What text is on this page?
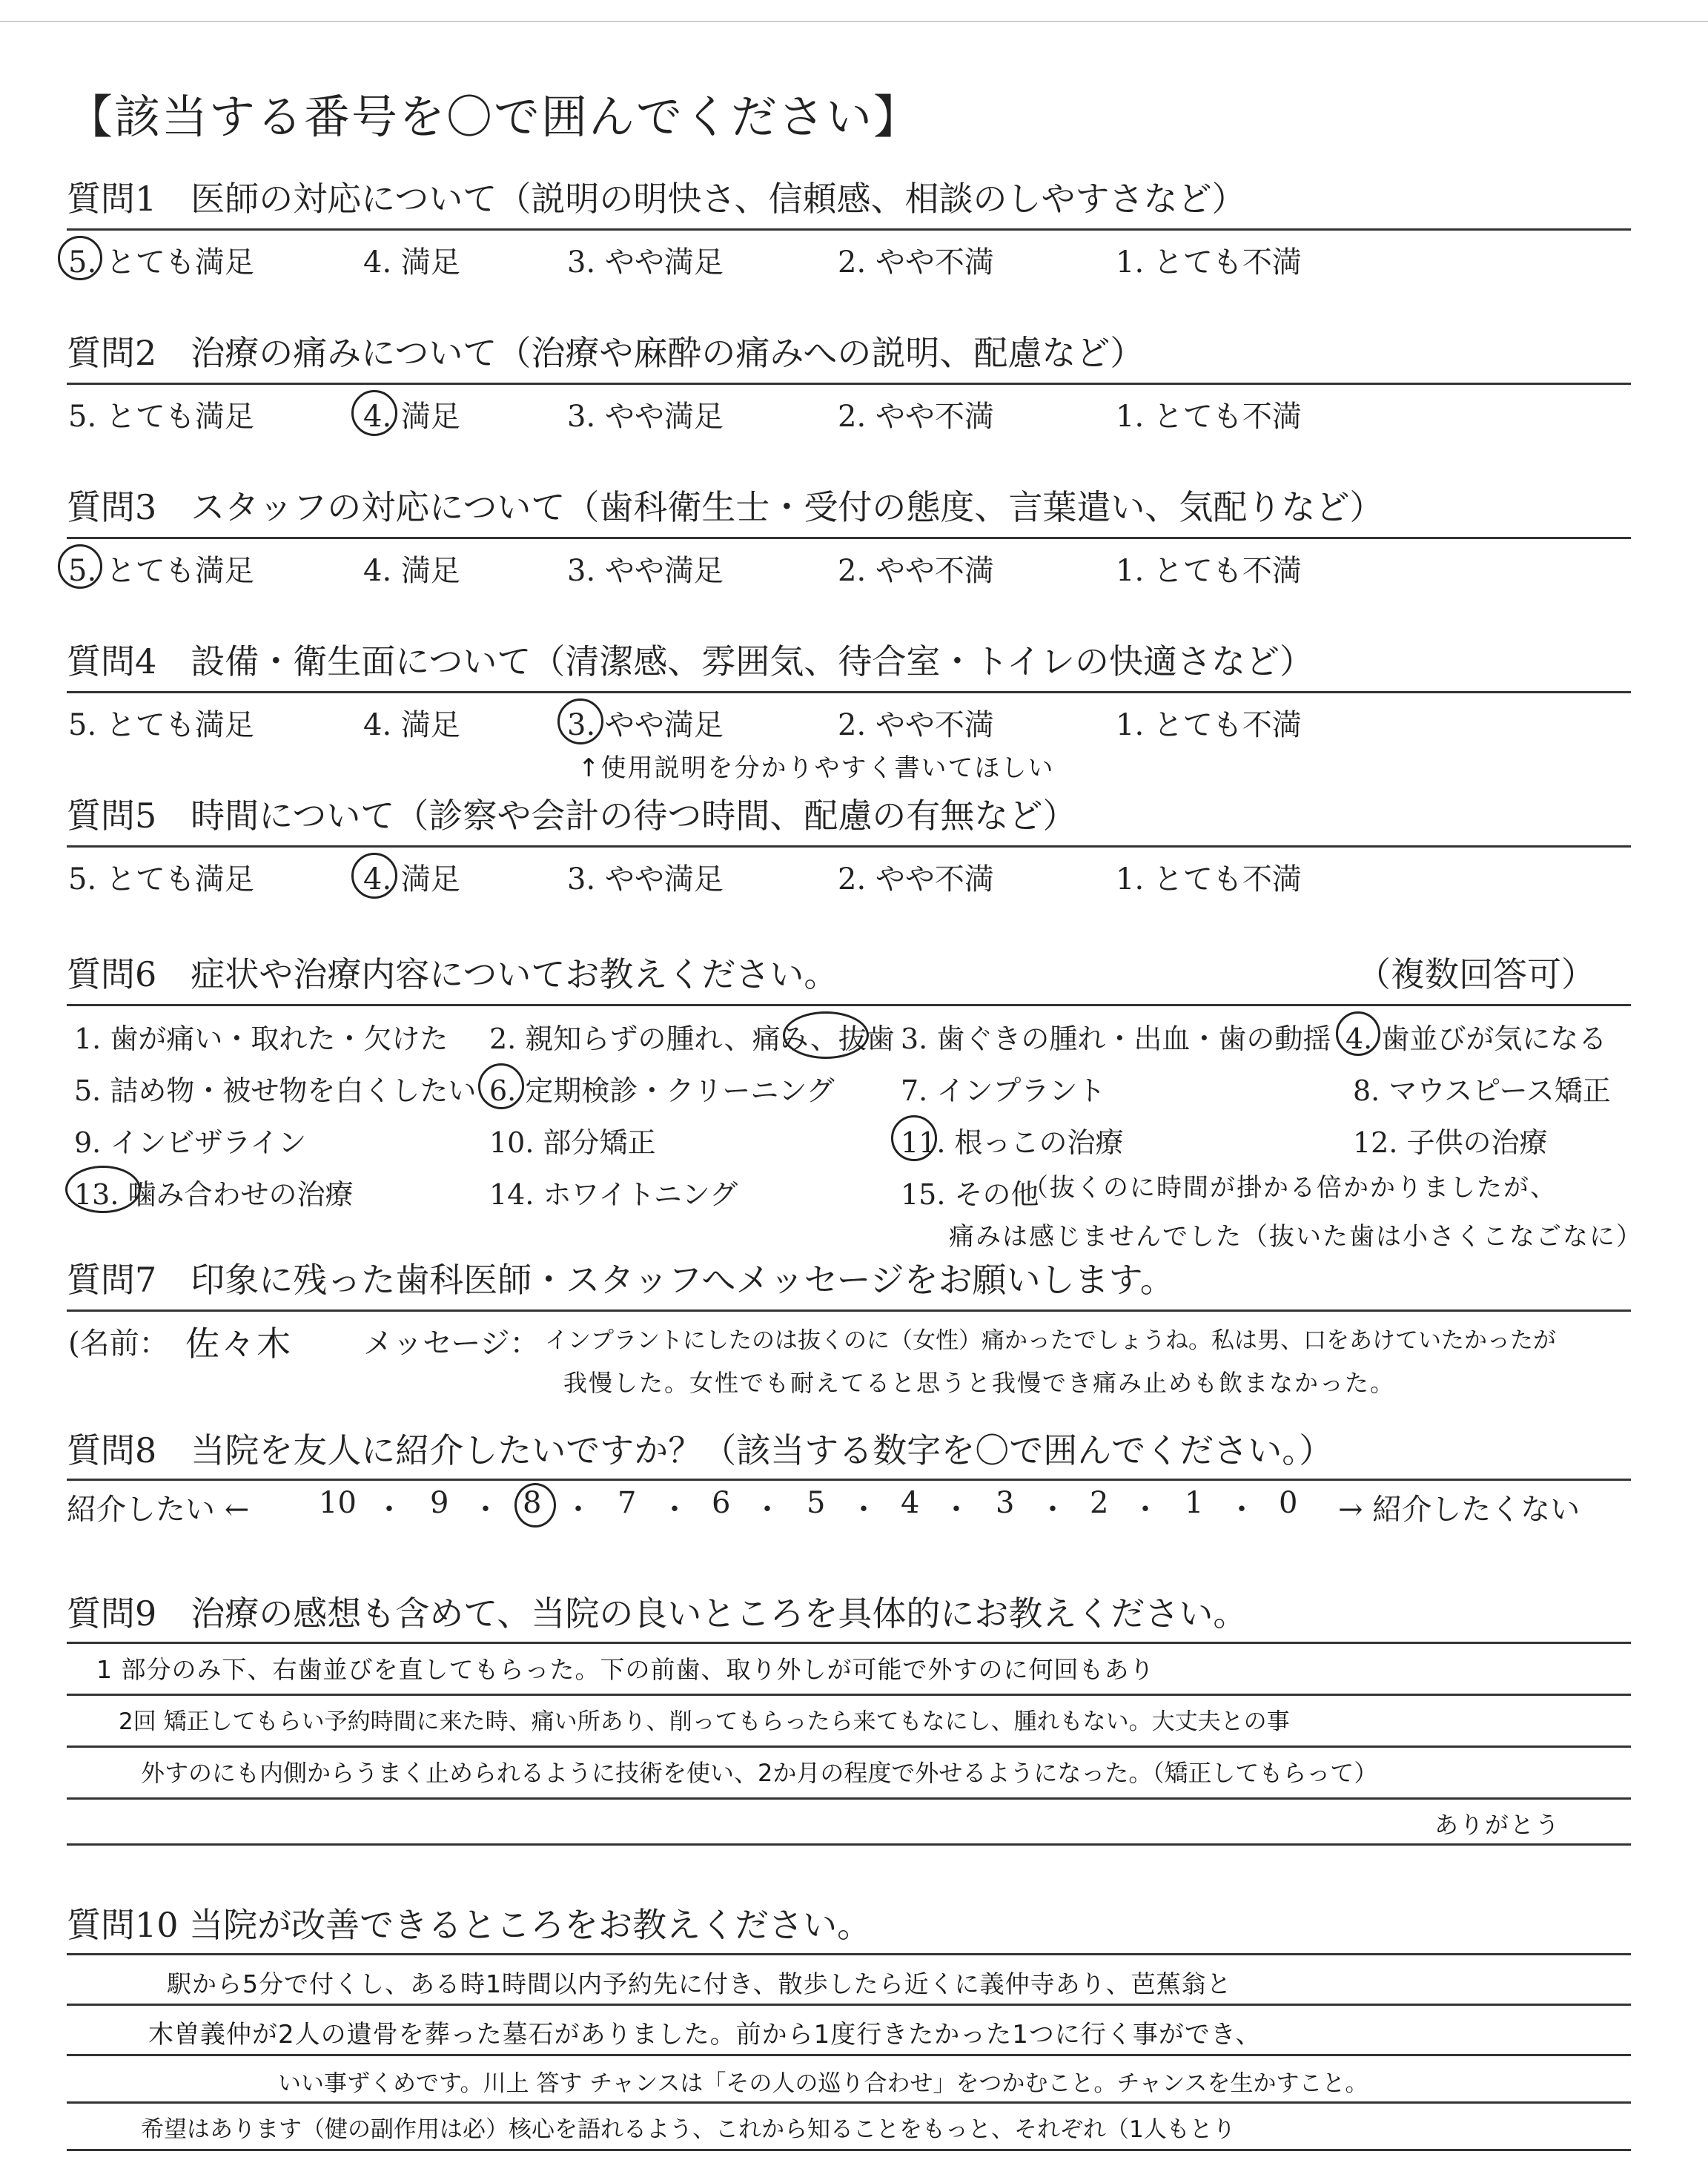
【該当する番号を〇で囲んでください】
質問1　医師の対応について（説明の明快さ、信頼感、相談のしやすさなど）
5. とても満足	4. 満足	3. やや満足	2. やや不満	1. とても不満
質問2　治療の痛みについて（治療や麻酔の痛みへの説明、配慮など）
5. とても満足	4. 満足	3. やや満足	2. やや不満	1. とても不満
質問3　スタッフの対応について（歯科衛生士・受付の態度、言葉遣い、気配りなど）
5. とても満足	4. 満足	3. やや満足	2. やや不満	1. とても不満
質問4　設備・衛生面について（清潔感、雰囲気、待合室・トイレの快適さなど）
5. とても満足	4. 満足	3. やや満足	2. やや不満	1. とても不満
↑使用説明を分かりやすく書いてほしい
質問5　時間について（診察や会計の待つ時間、配慮の有無など）
5. とても満足	4. 満足	3. やや満足	2. やや不満	1. とても不満
質問6　症状や治療内容についてお教えください。	（複数回答可）
1. 歯が痛い・取れた・欠けた 2. 親知らずの腫れ、痛み、抜歯 3. 歯ぐきの腫れ・出血・歯の動揺 4. 歯並びが気になる
5. 詰め物・被せ物を白くしたい 6. 定期検診・クリーニング 7. インプラント	8. マウスピース矯正
9. インビザライン	10. 部分矯正	11. 根っこの治療	12. 子供の治療
13. 噛み合わせの治療	14. ホワイトニング	15. その他
（抜くのに時間が掛かる倍かかりましたが、
痛みは感じませんでした（抜いた歯は小さくこなごなに）
質問7　印象に残った歯科医師・スタッフへメッセージをお願いします。
(名前： 佐々木 メッセージ： インプラントにしたのは抜くのに（女性）痛かったでしょうね。私は男、口をあけていたかったが
我慢した。女性でも耐えてると思うと我慢でき痛み止めも飲まなかった。
質問8　当院を友人に紹介したいですか？（該当する数字を〇で囲んでください。）
紹介したい ← 10 ・ 9 ・ 8 ・ 7 ・ 6 ・ 5 ・ 4 ・ 3 ・ 2 ・ 1 ・ 0 → 紹介したくない
質問9　治療の感想も含めて、当院の良いところを具体的にお教えください。
1 部分のみ下、右歯並びを直してもらった。下の前歯、取り外しが可能で外すのに何回もあり
2回 矯正してもらい予約時間に来た時、痛い所あり、削ってもらったら来てもなにし、腫れもない。大丈夫との事
外すのにも内側からうまく止められるように技術を使い、2か月の程度で外せるようになった。（矯正してもらって）
ありがとう
質問10 当院が改善できるところをお教えください。
駅から5分で付くし、ある時1時間以内予約先に付き、散歩したら近くに義仲寺あり、芭蕉翁と
木曽義仲が2人の遺骨を葬った墓石がありました。前から1度行きたかった1つに行く事ができ、
いい事ずくめです。川上 答す チャンスは「その人の巡り合わせ」をつかむこと。チャンスを生かすこと。
希望はあります（健の副作用は必）核心を語れるよう、これから知ることをもっと、それぞれ（1人もとり
